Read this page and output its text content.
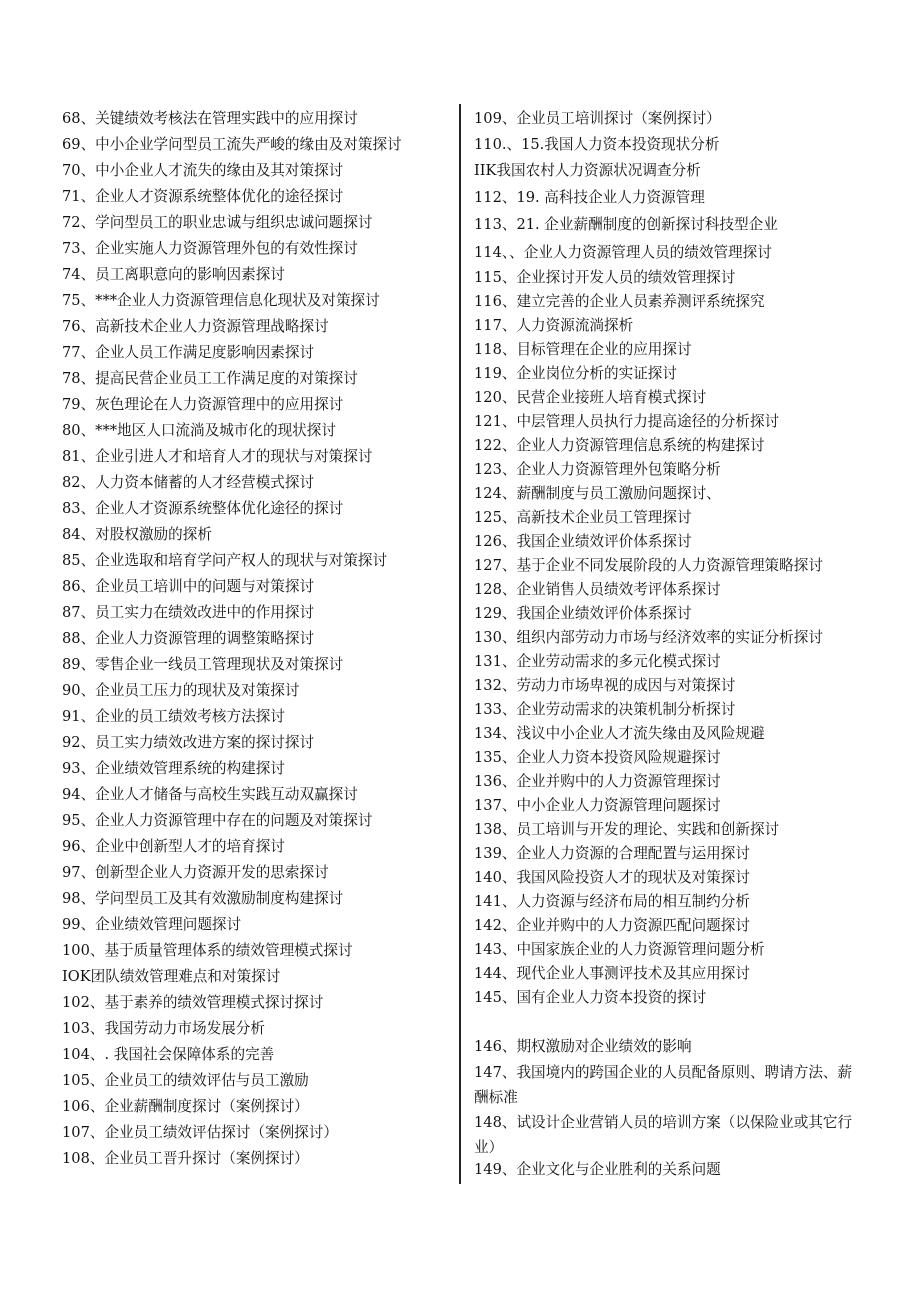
68、关键绩效考核法在管理实践中的应用探讨
69、中小企业学问型员工流失严峻的缘由及对策探讨
70、中小企业人才流失的缘由及其对策探讨
71、企业人才资源系统整体优化的途径探讨
72、学问型员工的职业忠诚与组织忠诚问题探讨
73、企业实施人力资源管理外包的有效性探讨
74、员工离职意向的影响因素探讨
75、***企业人力资源管理信息化现状及对策探讨
76、高新技术企业人力资源管理战略探讨
77、企业人员工作满足度影响因素探讨
78、提高民营企业员工工作满足度的对策探讨
79、灰色理论在人力资源管理中的应用探讨
80、***地区人口流淌及城市化的现状探讨
81、企业引进人才和培育人才的现状与对策探讨
82、人力资本储蓄的人才经营模式探讨
83、企业人才资源系统整体优化途径的探讨
84、对股权激励的探析
85、企业选取和培育学问产权人的现状与对策探讨
86、企业员工培训中的问题与对策探讨
87、员工实力在绩效改进中的作用探讨
88、企业人力资源管理的调整策略探讨
89、零售企业一线员工管理现状及对策探讨
90、企业员工压力的现状及对策探讨
91、企业的员工绩效考核方法探讨
92、员工实力绩效改进方案的探讨探讨
93、企业绩效管理系统的构建探讨
94、企业人才储备与高校生实践互动双赢探讨
95、企业人力资源管理中存在的问题及对策探讨
96、企业中创新型人才的培育探讨
97、创新型企业人力资源开发的思索探讨
98、学问型员工及其有效激励制度构建探讨
99、企业绩效管理问题探讨
100、基于质量管理体系的绩效管理模式探讨
IOK团队绩效管理难点和对策探讨
102、基于素养的绩效管理模式探讨探讨
103、我国劳动力市场发展分析
104、. 我国社会保障体系的完善
105、企业员工的绩效评估与员工激励
106、企业薪酬制度探讨（案例探讨）
107、企业员工绩效评估探讨（案例探讨）
108、企业员工晋升探讨（案例探讨）
109、企业员工培训探讨（案例探讨）
110.、15.我国人力资本投资现状分析
IIK我国农村人力资源状况调查分析
112、19. 高科技企业人力资源管理
113、21. 企业薪酬制度的创新探讨科技型企业
114、、企业人力资源管理人员的绩效管理探讨
115、企业探讨开发人员的绩效管理探讨
116、建立完善的企业人员素养测评系统探究
117、人力资源流淌探析
118、目标管理在企业的应用探讨
119、企业岗位分析的实证探讨
120、民营企业接班人培育模式探讨
121、中层管理人员执行力提高途径的分析探讨
122、企业人力资源管理信息系统的构建探讨
123、企业人力资源管理外包策略分析
124、薪酬制度与员工激励问题探讨、
125、高新技术企业员工管理探讨
126、我国企业绩效评价体系探讨
127、基于企业不同发展阶段的人力资源管理策略探讨
128、企业销售人员绩效考评体系探讨
129、我国企业绩效评价体系探讨
130、组织内部劳动力市场与经济效率的实证分析探讨
131、企业劳动需求的多元化模式探讨
132、劳动力市场卑视的成因与对策探讨
133、企业劳动需求的决策机制分析探讨
134、浅议中小企业人才流失缘由及风险规避
135、企业人力资本投资风险规避探讨
136、企业并购中的人力资源管理探讨
137、中小企业人力资源管理问题探讨
138、员工培训与开发的理论、实践和创新探讨
139、企业人力资源的合理配置与运用探讨
140、我国风险投资人才的现状及对策探讨
141、人力资源与经济布局的相互制约分析
142、企业并购中的人力资源匹配问题探讨
143、中国家族企业的人力资源管理问题分析
144、现代企业人事测评技术及其应用探讨
145、国有企业人力资本投资的探讨
146、期权激励对企业绩效的影响
147、我国境内的跨国企业的人员配备原则、聘请方法、薪酬标准
148、试设计企业营销人员的培训方案（以保险业或其它行业）
149、企业文化与企业胜利的关系问题
